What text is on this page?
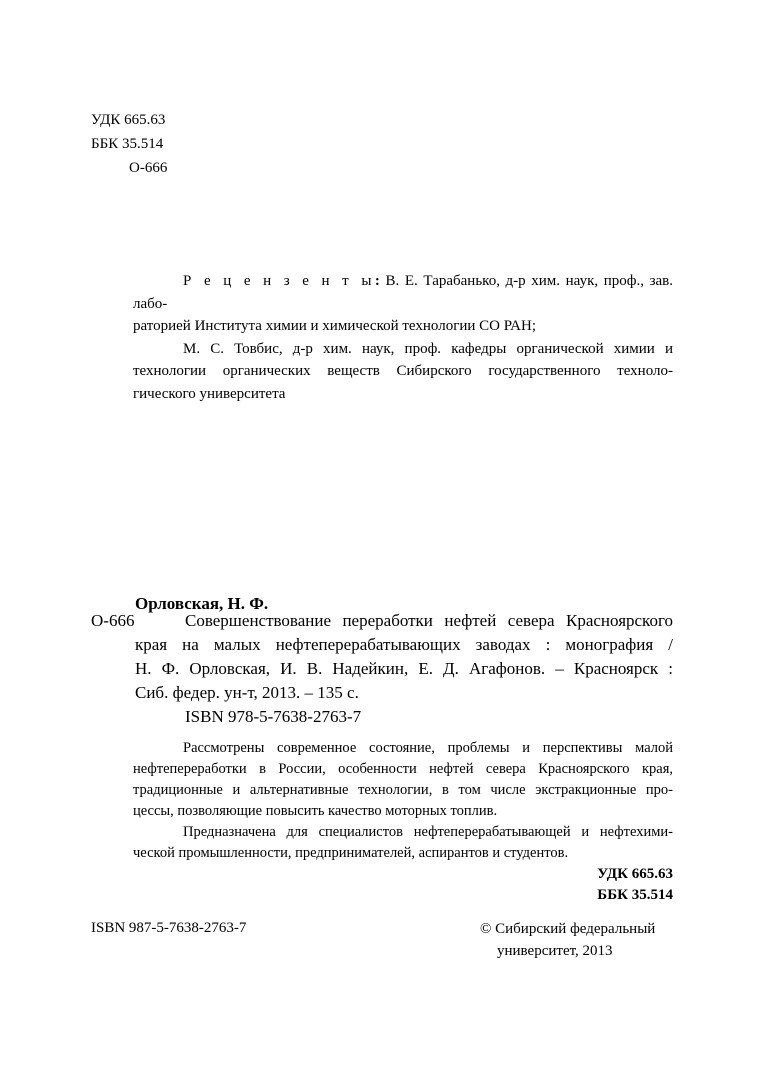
УДК 665.63
ББК 35.514
О-666
Р е ц е н з е н т ы: В. Е. Тарабанько, д-р хим. наук, проф., зав. лабо-
раторией Института химии и химической технологии СО РАН;
М. С. Товбис, д-р хим. наук, проф. кафедры органической химии и
технологии органических веществ Сибирского государственного техноло-
гического университета
Орловская, Н. Ф.
О-666	Совершенствование переработки нефтей севера Красноярского
края на малых нефтеперерабатывающих заводах : монография /
Н. Ф. Орловская, И. В. Надейкин, Е. Д. Агафонов. – Красноярск :
Сиб. федер. ун-т, 2013. – 135 с.
ISBN 978-5-7638-2763-7
Рассмотрены современное состояние, проблемы и перспективы малой
нефтепереработки в России, особенности нефтей севера Красноярского края,
традиционные и альтернативные технологии, в том числе экстракционные про-
цессы, позволяющие повысить качество моторных топлив.
Предназначена для специалистов нефтеперерабатывающей и нефтехими-
ческой промышленности, предпринимателей, аспирантов и студентов.
УДК 665.63
ББК 35.514
ISBN 987-5-7638-2763-7	© Сибирский федеральный
университет, 2013
